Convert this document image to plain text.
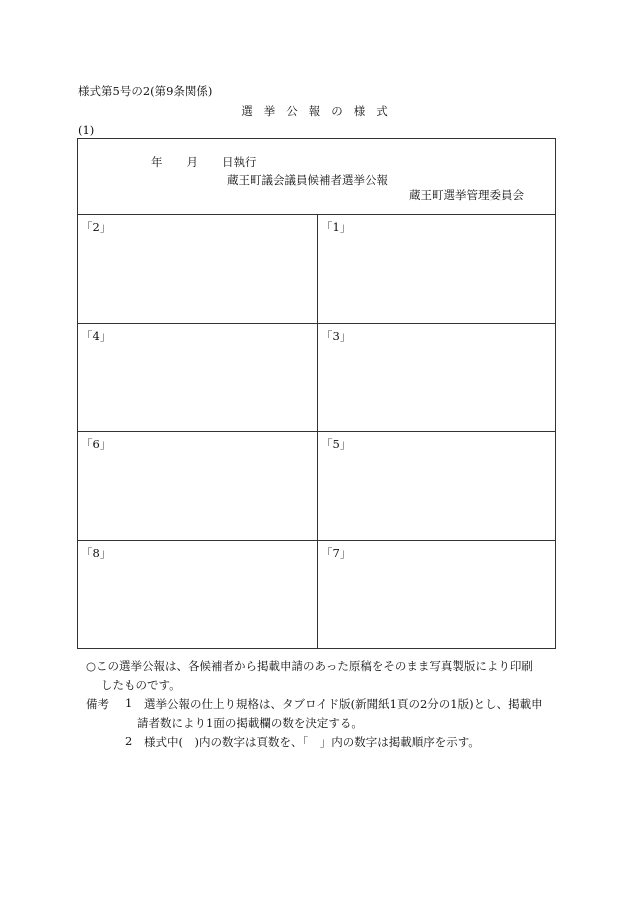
様式第5号の2(第9条関係)
選挙公報の様式
(1)
年 月 日執行
蔵王町議会議員候補者選挙公報
蔵王町選挙管理委員会
「2」	「1」
「4」	「3」
「6」	「5」
「8」	「7」
○この選挙公報は、各候補者から掲載申請のあった原稿をそのまま写真製版により印刷
したものです。
備考 1 選挙公報の仕上り規格は、タブロイド版(新聞紙1頁の2分の1版)とし、掲載申
請者数により1面の掲載欄の数を決定する。
2 様式中(　)内の数字は頁数を、「　」内の数字は掲載順序を示す。
